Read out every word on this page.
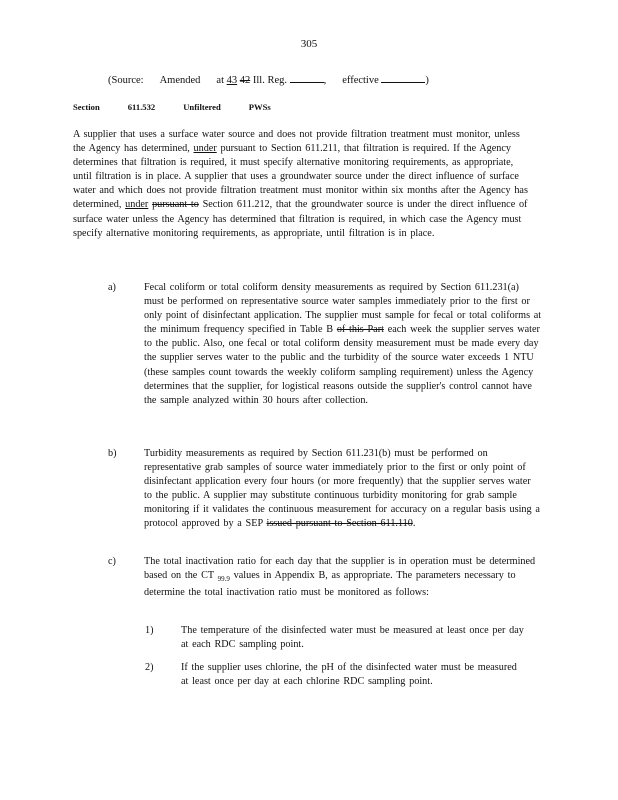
305
(Source: Amended at 43 42 Ill. Reg.	, effective	)
Section	611.532	Unfiltered	PWSs
A supplier that uses a surface water source and does not provide filtration treatment must monitor, unless the Agency has determined, under pursuant to Section 611.211, that filtration is required. If the Agency determines that filtration is required, it must specify alternative monitoring requirements, as appropriate, until filtration is in place. A supplier that uses a groundwater source under the direct influence of surface water and which does not provide filtration treatment must monitor within six months after the Agency has determined, under pursuant to Section 611.212, that the groundwater source is under the direct influence of surface water unless the Agency has determined that filtration is required, in which case the Agency must specify alternative monitoring requirements, as appropriate, until filtration is in place.
a)	Fecal coliform or total coliform density measurements as required by Section 611.231(a) must be performed on representative source water samples immediately prior to the first or only point of disinfectant application. The supplier must sample for fecal or total coliforms at the minimum frequency specified in Table B of this Part each week the supplier serves water to the public. Also, one fecal or total coliform density measurement must be made every day the supplier serves water to the public and the turbidity of the source water exceeds 1 NTU (these samples count towards the weekly coliform sampling requirement) unless the Agency determines that the supplier, for logistical reasons outside the supplier's control cannot have the sample analyzed within 30 hours after collection.
b)	Turbidity measurements as required by Section 611.231(b) must be performed on representative grab samples of source water immediately prior to the first or only point of disinfectant application every four hours (or more frequently) that the supplier serves water to the public. A supplier may substitute continuous turbidity monitoring for grab sample monitoring if it validates the continuous measurement for accuracy on a regular basis using a protocol approved by a SEP issued pursuant to Section 611.110.
c)	The total inactivation ratio for each day that the supplier is in operation must be determined based on the CT $_{99.9}$ values in Appendix B, as appropriate. The parameters necessary to determine the total inactivation ratio must be monitored as follows:
1)	The temperature of the disinfected water must be measured at least once per day at each RDC sampling point.
2)	If the supplier uses chlorine, the pH of the disinfected water must be measured at least once per day at each chlorine RDC sampling point.
